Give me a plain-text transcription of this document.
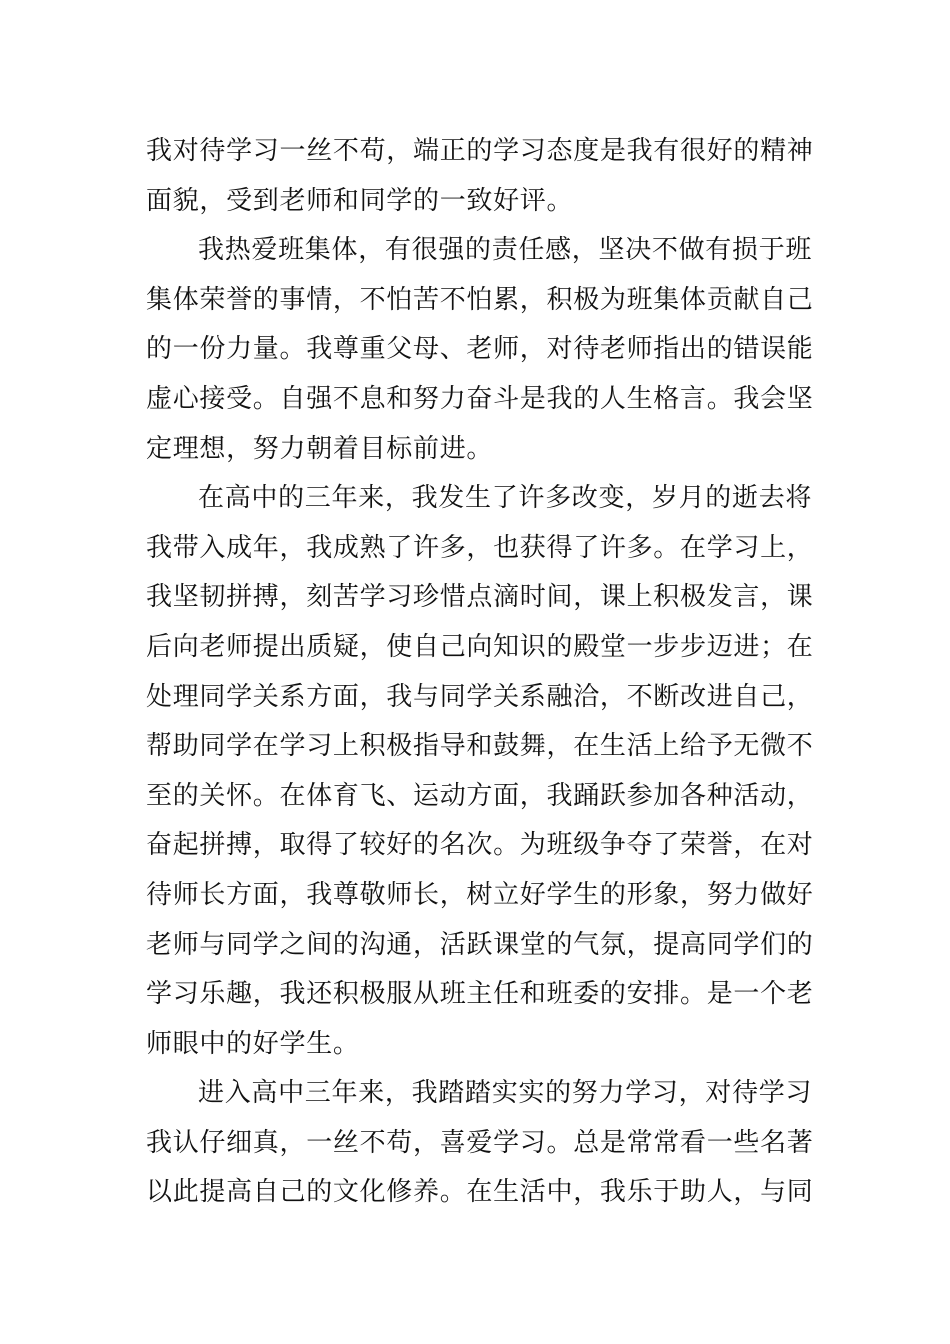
我对待学习一丝不苟，端正的学习态度是我有很好的精神
面貌，受到老师和同学的一致好评。

我热爱班集体，有很强的责任感，坚决不做有损于班
集体荣誉的事情，不怕苦不怕累，积极为班集体贡献自己
的一份力量。我尊重父母、老师，对待老师指出的错误能
虚心接受。自强不息和努力奋斗是我的人生格言。我会坚
定理想，努力朝着目标前进。

在高中的三年来，我发生了许多改变，岁月的逝去将
我带入成年，我成熟了许多，也获得了许多。在学习上，
我坚韧拼搏，刻苦学习珍惜点滴时间，课上积极发言，课
后向老师提出质疑，使自己向知识的殿堂一步步迈进；在
处理同学关系方面，我与同学关系融洽，不断改进自己，
帮助同学在学习上积极指导和鼓舞，在生活上给予无微不
至的关怀。在体育飞、运动方面，我踊跃参加各种活动，
奋起拼搏，取得了较好的名次。为班级争夺了荣誉，在对
待师长方面，我尊敬师长，树立好学生的形象，努力做好
老师与同学之间的沟通，活跃课堂的气氛，提高同学们的
学习乐趣，我还积极服从班主任和班委的安排。是一个老
师眼中的好学生。

进入高中三年来，我踏踏实实的努力学习，对待学习
我认仔细真，一丝不苟，喜爱学习。总是常常看一些名著
以此提高自己的文化修养。在生活中，我乐于助人，与同
